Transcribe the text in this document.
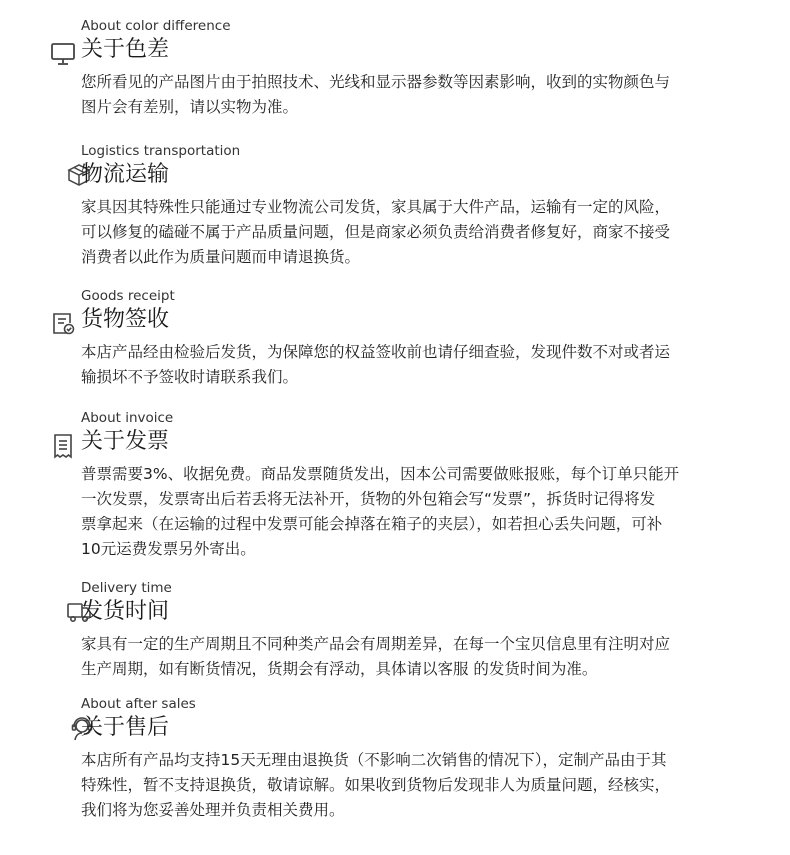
About color difference
关于色差

您所看见的产品图片由于拍照技术、光线和显示器参数等因素影响，收到的实物颜色与

图片会有差别，请以实物为准。

Logistics transportation
物流运输

家具因其特殊性只能通过专业物流公司发货，家具属于大件产品，运输有一定的风险，

可以修复的磕碰不属于产品质量问题，但是商家必须负责给消费者修复好，商家不接受

消费者以此作为质量问题而申请退换货。

Goods receipt
货物签收

本店产品经由检验后发货，为保障您的权益签收前也请仔细查验，发现件数不对或者运

输损坏不予签收时请联系我们。

About invoice
关于发票

普票需要3%、收据免费。商品发票随货发出，因本公司需要做账报账，每个订单只能开

一次发票，发票寄出后若丢将无法补开，货物的外包箱会写“发票”，拆货时记得将发

票拿起来（在运输的过程中发票可能会掉落在箱子的夹层），如若担心丢失问题，可补

10元运费发票另外寄出。

Delivery time
发货时间

家具有一定的生产周期且不同种类产品会有周期差异，在每一个宝贝信息里有注明对应

生产周期，如有断货情况，货期会有浮动，具体请以客服 的发货时间为准。

About after sales
关于售后

本店所有产品均支持15天无理由退换货（不影响二次销售的情况下），定制产品由于其

特殊性，暂不支持退换货，敬请谅解。如果收到货物后发现非人为质量问题，经核实，

我们将为您妥善处理并负责相关费用。
